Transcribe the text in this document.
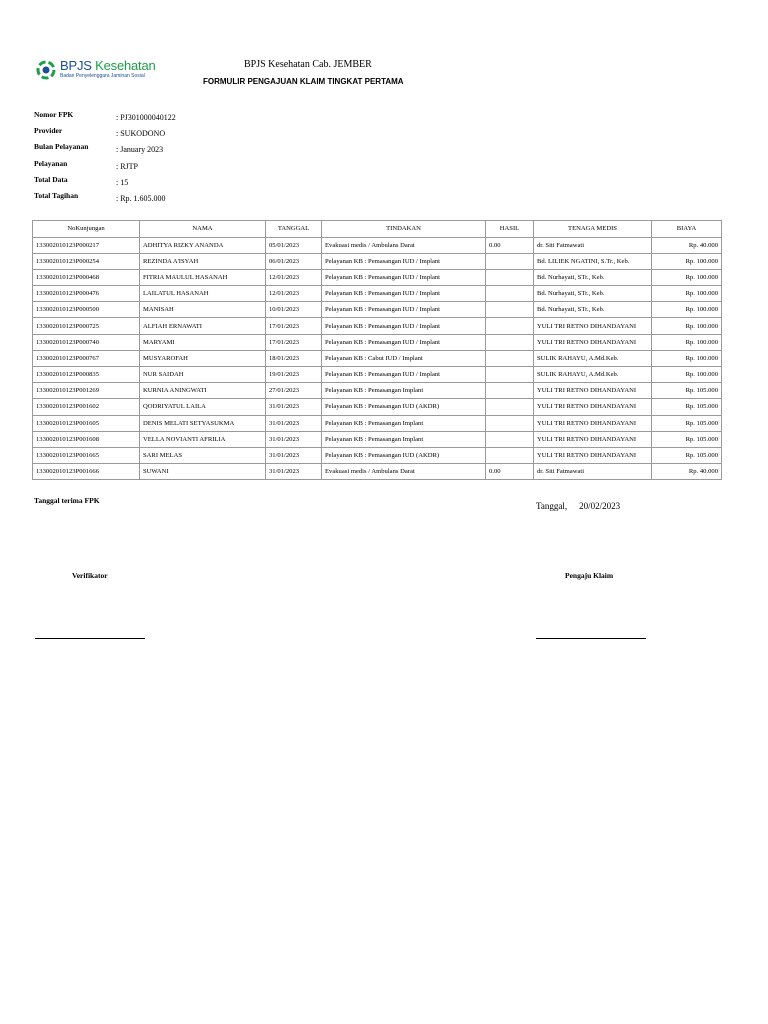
BPJS Kesehatan
Badan Penyelenggara Jaminan Sosial
BPJS Kesehatan Cab. JEMBER
FORMULIR PENGAJUAN KLAIM TINGKAT PERTAMA
Nomor FPK	: PJ301000040122
Provider	: SUKODONO
Bulan Pelayanan	: January 2023
Pelayanan	: RJTP
Total Data	: 15
Total Tagihan	: Rp. 1.605.000
NoKunjungan	NAMA	TANGGAL	TINDAKAN	HASIL	TENAGA MEDIS	BIAYA
133002010123P000217	ADHITYA RIZKY ANANDA	05/01/2023	Evakuasi medis / Ambulans Darat	0.00	dr. Siti Fatmawati	Rp. 40.000
133002010123P000254	REZINDA A'ISYAH	06/01/2023	Pelayanan KB : Pemasangan IUD / Implant		Bd. LILIEK NGATINI, S.Tr., Keb.	Rp. 100.000
133002010123P000468	FITRIA MAULUL HASANAH	12/01/2023	Pelayanan KB : Pemasangan IUD / Implant		Bd. Nurhayati, STr., Keb.	Rp. 100.000
133002010123P000476	LAILATUL HASANAH	12/01/2023	Pelayanan KB : Pemasangan IUD / Implant		Bd. Nurhayati, STr., Keb.	Rp. 100.000
133002010123P000500	MANISAH	10/01/2023	Pelayanan KB : Pemasangan IUD / Implant		Bd. Nurhayati, STr., Keb.	Rp. 100.000
133002010123P000725	ALFIAH ERNAWATI	17/01/2023	Pelayanan KB : Pemasangan IUD / Implant		YULI TRI RETNO DIHANDAYANI	Rp. 100.000
133002010123P000740	MARYAMI	17/01/2023	Pelayanan KB : Pemasangan IUD / Implant		YULI TRI RETNO DIHANDAYANI	Rp. 100.000
133002010123P000767	MUSYAROFAH	18/01/2023	Pelayanan KB : Cabut IUD / Implant		SULIK RAHAYU, A.Md.Keb.	Rp. 100.000
133002010123P000835	NUR SAIDAH	19/01/2023	Pelayanan KB : Pemasangan IUD / Implant		SULIK RAHAYU, A.Md.Keb.	Rp. 100.000
133002010123P001269	KURNIA ANINGWATI	27/01/2023	Pelayanan KB : Pemasangan Implant		YULI TRI RETNO DIHANDAYANI	Rp. 105.000
133002010123P001602	QODRIYATUL LAILA	31/01/2023	Pelayanan KB : Pemasangan IUD (AKDR)		YULI TRI RETNO DIHANDAYANI	Rp. 105.000
133002010123P001605	DENIS MELATI SETYASUKMA	31/01/2023	Pelayanan KB : Pemasangan Implant		YULI TRI RETNO DIHANDAYANI	Rp. 105.000
133002010123P001608	VELLA NOVIANTI AFRILIA	31/01/2023	Pelayanan KB : Pemasangan Implant		YULI TRI RETNO DIHANDAYANI	Rp. 105.000
133002010123P001665	SARI MELAS	31/01/2023	Pelayanan KB : Pemasangan IUD (AKDR)		YULI TRI RETNO DIHANDAYANI	Rp. 105.000
133002010123P001666	SUWANI	31/01/2023	Evakuasi medis / Ambulans Darat	0.00	dr. Siti Fatmawati	Rp. 40.000
Tanggal terima FPK
Tanggal, 20/02/2023
Verifikator	Pengaju Klaim
